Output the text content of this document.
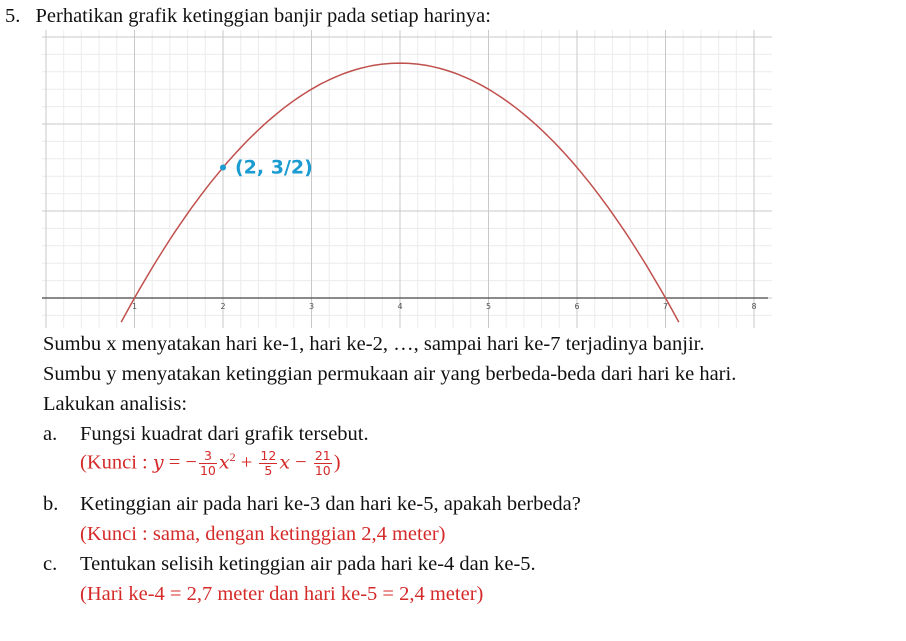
5. Perhatikan grafik ketinggian banjir pada setiap harinya:
1	2	3	4	5	6	7	8
(2, 3/2)
Sumbu x menyatakan hari ke-1, hari ke-2, …, sampai hari ke-7 terjadinya banjir.
Sumbu y menyatakan ketinggian permukaan air yang berbeda-beda dari hari ke hari.
Lakukan analisis:
a. Fungsi kuadrat dari grafik tersebut.
(Kunci : y = − $\frac{3}{10} x^2 + \frac{12}{5}$ $x - \frac{21}{10}$ )
b. Ketinggian air pada hari ke-3 dan hari ke-5, apakah berbeda?
(Kunci : sama, dengan ketinggian 2,4 meter)
c. Tentukan selisih ketinggian air pada hari ke-4 dan ke-5.
(Hari ke-4 = 2,7 meter dan hari ke-5 = 2,4 meter)
